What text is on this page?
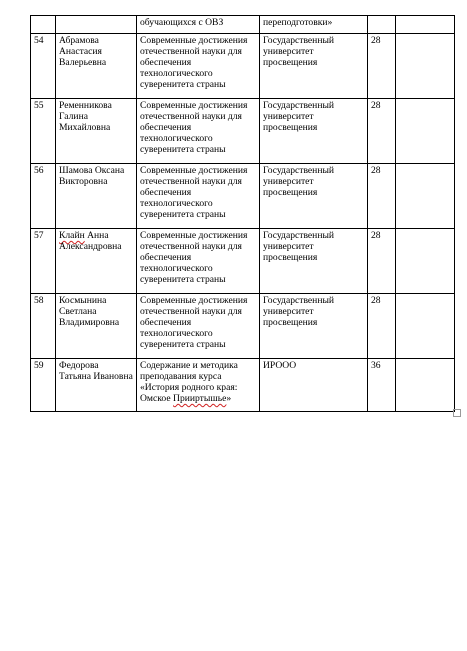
		обучающихся с ОВЗ	переподготовки»		
54	Абрамова Анастасия Валерьевна	Современные достижения отечественной науки для обеспечения технологического суверенитета страны	Государственный университет просвещения	28	
55	Ременникова Галина Михайловна	Современные достижения отечественной науки для обеспечения технологического суверенитета страны	Государственный университет просвещения	28	
56	Шамова Оксана Викторовна	Современные достижения отечественной науки для обеспечения технологического суверенитета страны	Государственный университет просвещения	28	
57	Клайн Анна Александровна	Современные достижения отечественной науки для обеспечения технологического суверенитета страны	Государственный университет просвещения	28	
58	Космынина Светлана Владимировна	Современные достижения отечественной науки для обеспечения технологического суверенитета страны	Государственный университет просвещения	28	
59	Федорова Татьяна Ивановна	Содержание и методика преподавания курса «История родного края: Омское Прииртышье»	ИРООО	36	
